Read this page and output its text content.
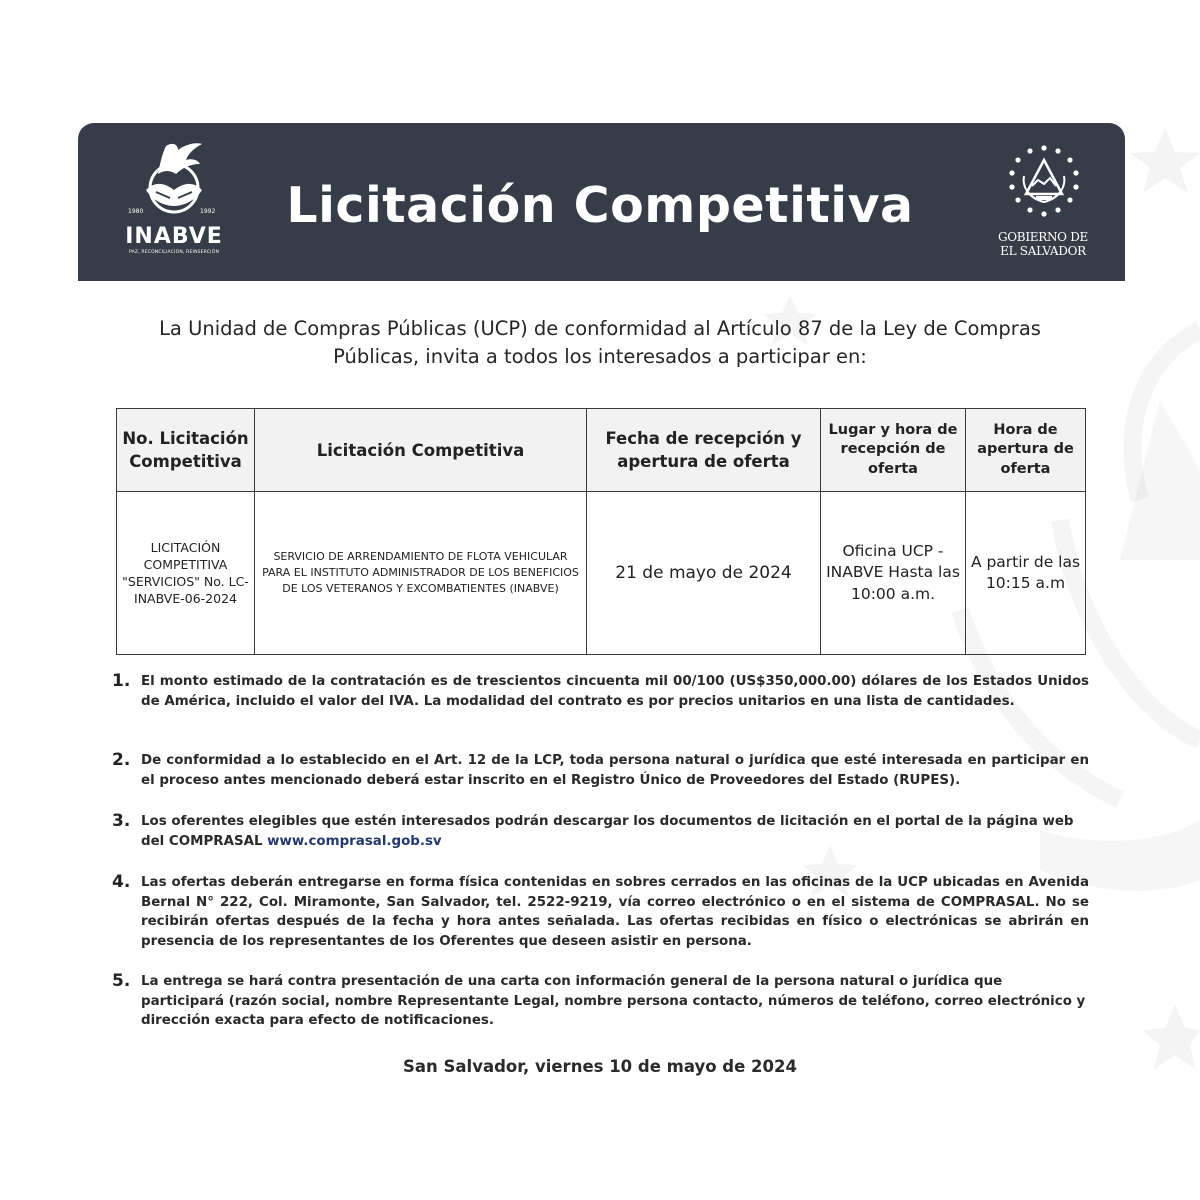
1980	1992
INABVE
PAZ, RECONCILIACIÓN, REINSERCIÓN
Licitación Competitiva
GOBIERNO DE
EL SALVADOR
La Unidad de Compras Públicas (UCP) de conformidad al Artículo 87 de la Ley de Compras Públicas, invita a todos los interesados a participar en:
No. Licitación Competitiva	Licitación Competitiva	Fecha de recepción y apertura de oferta	Lugar y hora de recepción de oferta	Hora de apertura de oferta
LICITACIÓN COMPETITIVA "SERVICIOS" No. LC-INABVE-06-2024	SERVICIO DE ARRENDAMIENTO DE FLOTA VEHICULAR PARA EL INSTITUTO ADMINISTRADOR DE LOS BENEFICIOS DE LOS VETERANOS Y EXCOMBATIENTES (INABVE)	21 de mayo de 2024	Oficina UCP - INABVE Hasta las 10:00 a.m.	A partir de las 10:15 a.m
1. El monto estimado de la contratación es de trescientos cincuenta mil 00/100 (US$350,000.00) dólares de los Estados Unidos de América, incluido el valor del IVA. La modalidad del contrato es por precios unitarios en una lista de cantidades.
2. De conformidad a lo establecido en el Art. 12 de la LCP, toda persona natural o jurídica que esté interesada en participar en el proceso antes mencionado deberá estar inscrito en el Registro Único de Proveedores del Estado (RUPES).
3. Los oferentes elegibles que estén interesados podrán descargar los documentos de licitación en el portal de la página web del COMPRASAL www.comprasal.gob.sv
4. Las ofertas deberán entregarse en forma física contenidas en sobres cerrados en las oficinas de la UCP ubicadas en Avenida Bernal N° 222, Col. Miramonte, San Salvador, tel. 2522-9219, vía correo electrónico o en el sistema de COMPRASAL. No se recibirán ofertas después de la fecha y hora antes señalada. Las ofertas recibidas en físico o electrónicas se abrirán en presencia de los representantes de los Oferentes que deseen asistir en persona.
5. La entrega se hará contra presentación de una carta con información general de la persona natural o jurídica que participará (razón social, nombre Representante Legal, nombre persona contacto, números de teléfono, correo electrónico y dirección exacta para efecto de notificaciones.
San Salvador, viernes 10 de mayo de 2024
